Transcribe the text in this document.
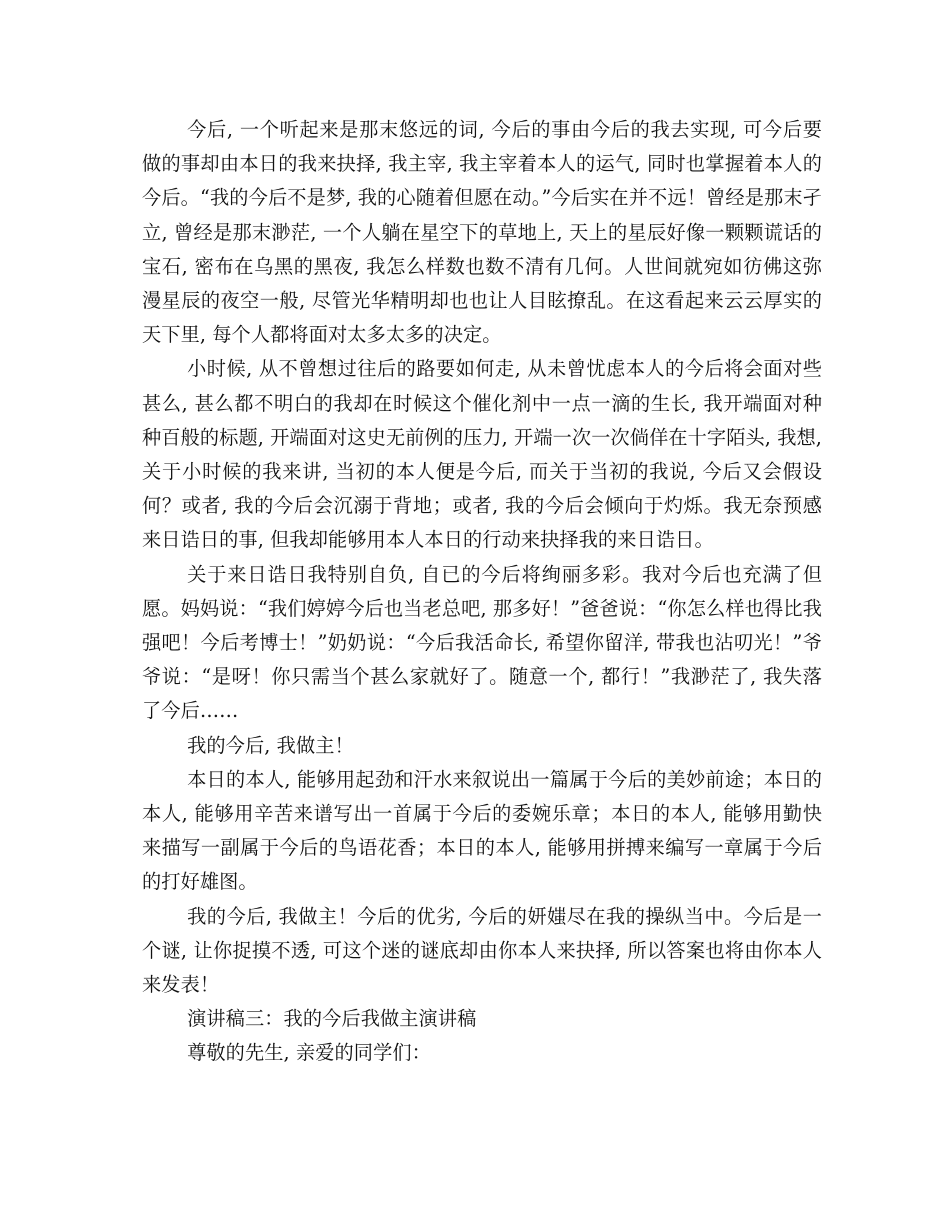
今后, 一个听起来是那末悠远的词, 今后的事由今后的我去实现, 可今后要做的事却由本日的我来抉择, 我主宰, 我主宰着本人的运气, 同时也掌握着本人的今后。“我的今后不是梦, 我的心随着但愿在动。”今后实在并不远！曾经是那末孑立, 曾经是那末渺茫, 一个人躺在星空下的草地上, 天上的星辰好像一颗颗谎话的宝石, 密布在乌黑的黑夜, 我怎么样数也数不清有几何。人世间就宛如彷佛这弥漫星辰的夜空一般, 尽管光华精明却也也让人目眩撩乱。在这看起来云云厚实的天下里, 每个人都将面对太多太多的决定。

小时候, 从不曾想过往后的路要如何走, 从未曾忧虑本人的今后将会面对些甚么, 甚么都不明白的我却在时候这个催化剂中一点一滴的生长, 我开端面对种种百般的标题, 开端面对这史无前例的压力, 开端一次一次倘佯在十字陌头, 我想, 关于小时候的我来讲, 当初的本人便是今后, 而关于当初的我说, 今后又会假设何？或者, 我的今后会沉溺于背地；或者, 我的今后会倾向于灼烁。我无奈预感来日诰日的事, 但我却能够用本人本日的行动来抉择我的来日诰日。

关于来日诰日我特别自负, 自已的今后将绚丽多彩。我对今后也充满了但愿。妈妈说：“我们婷婷今后也当老总吧, 那多好！”爸爸说：“你怎么样也得比我强吧！今后考博士！”奶奶说：“今后我活命长, 希望你留洋, 带我也沾叨光！”爷爷说：“是呀！你只需当个甚么家就好了。随意一个, 都行！”我渺茫了, 我失落了今后……

我的今后, 我做主！

本日的本人, 能够用起劲和汗水来叙说出一篇属于今后的美妙前途；本日的本人, 能够用辛苦来谱写出一首属于今后的委婉乐章；本日的本人, 能够用勤快来描写一副属于今后的鸟语花香；本日的本人, 能够用拼搏来编写一章属于今后的打好雄图。

我的今后, 我做主！今后的优劣, 今后的妍媸尽在我的操纵当中。今后是一个谜, 让你捉摸不透, 可这个迷的谜底却由你本人来抉择, 所以答案也将由你本人来发表！

演讲稿三：我的今后我做主演讲稿

尊敬的先生, 亲爱的同学们：
